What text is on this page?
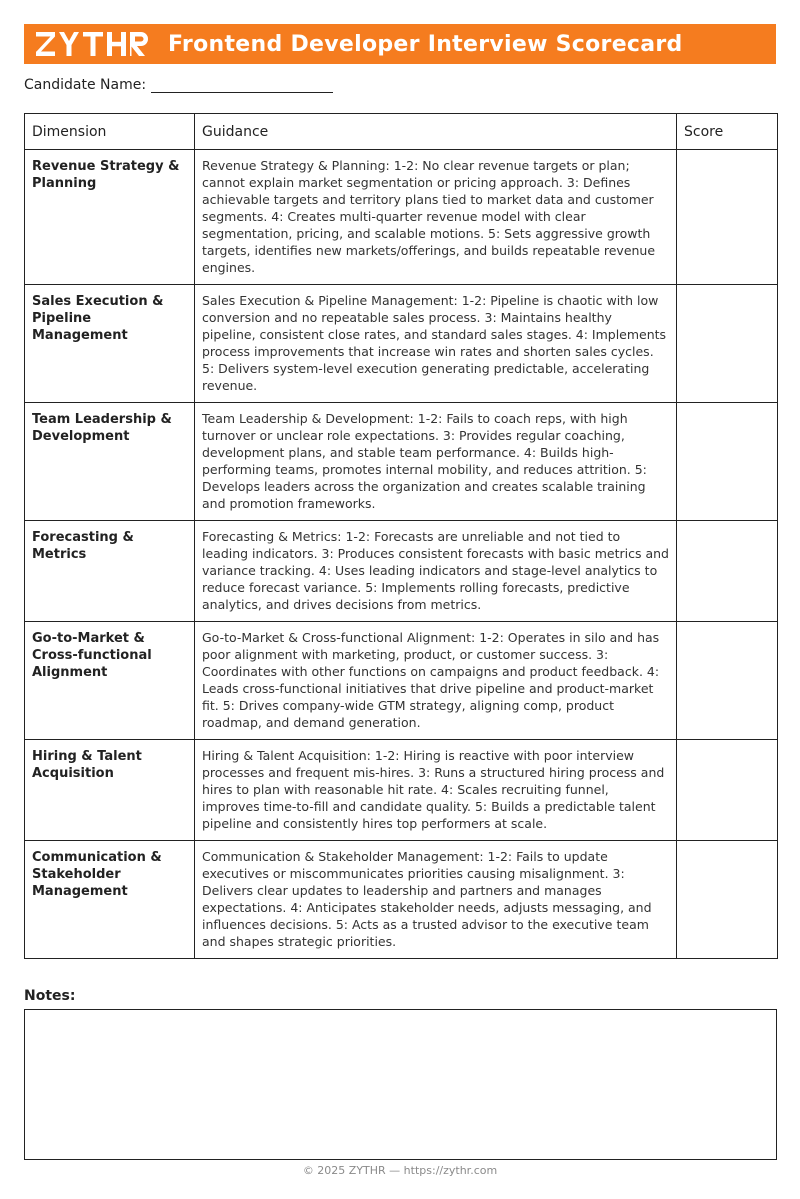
Frontend Developer Interview Scorecard
Candidate Name:
Dimension	Guidance	Score
Revenue Strategy & Planning	Revenue Strategy & Planning: 1-2: No clear revenue targets or plan; cannot explain market segmentation or pricing approach. 3: Defines achievable targets and territory plans tied to market data and customer segments. 4: Creates multi-quarter revenue model with clear segmentation, pricing, and scalable motions. 5: Sets aggressive growth targets, identifies new markets/offerings, and builds repeatable revenue engines.	
Sales Execution & Pipeline Management	Sales Execution & Pipeline Management: 1-2: Pipeline is chaotic with low conversion and no repeatable sales process. 3: Maintains healthy pipeline, consistent close rates, and standard sales stages. 4: Implements process improvements that increase win rates and shorten sales cycles. 5: Delivers system-level execution generating predictable, accelerating revenue.	
Team Leadership & Development	Team Leadership & Development: 1-2: Fails to coach reps, with high turnover or unclear role expectations. 3: Provides regular coaching, development plans, and stable team performance. 4: Builds high-performing teams, promotes internal mobility, and reduces attrition. 5: Develops leaders across the organization and creates scalable training and promotion frameworks.	
Forecasting & Metrics	Forecasting & Metrics: 1-2: Forecasts are unreliable and not tied to leading indicators. 3: Produces consistent forecasts with basic metrics and variance tracking. 4: Uses leading indicators and stage-level analytics to reduce forecast variance. 5: Implements rolling forecasts, predictive analytics, and drives decisions from metrics.	
Go-to-Market & Cross-functional Alignment	Go-to-Market & Cross-functional Alignment: 1-2: Operates in silo and has poor alignment with marketing, product, or customer success. 3: Coordinates with other functions on campaigns and product feedback. 4: Leads cross-functional initiatives that drive pipeline and product-market fit. 5: Drives company-wide GTM strategy, aligning comp, product roadmap, and demand generation.	
Hiring & Talent Acquisition	Hiring & Talent Acquisition: 1-2: Hiring is reactive with poor interview processes and frequent mis-hires. 3: Runs a structured hiring process and hires to plan with reasonable hit rate. 4: Scales recruiting funnel, improves time-to-fill and candidate quality. 5: Builds a predictable talent pipeline and consistently hires top performers at scale.	
Communication & Stakeholder Management	Communication & Stakeholder Management: 1-2: Fails to update executives or miscommunicates priorities causing misalignment. 3: Delivers clear updates to leadership and partners and manages expectations. 4: Anticipates stakeholder needs, adjusts messaging, and influences decisions. 5: Acts as a trusted advisor to the executive team and shapes strategic priorities.	
Notes:
© 2025 ZYTHR — https://zythr.com
